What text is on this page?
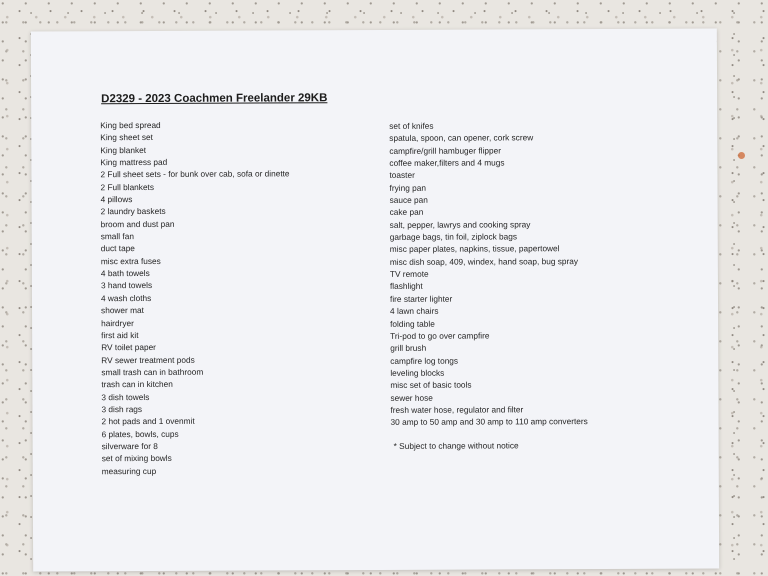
D2329 - 2023 Coachmen Freelander 29KB
King bed spread
King sheet set
King blanket
King mattress pad
2 Full sheet sets - for bunk over cab, sofa or dinette
2 Full blankets
4 pillows
2 laundry baskets
broom and dust pan
small fan
duct tape
misc extra fuses
4 bath towels
3 hand towels
4 wash cloths
shower mat
hairdryer
first aid kit
RV toilet paper
RV sewer treatment pods
small trash can in bathroom
trash can in kitchen
3 dish towels
3 dish rags
2 hot pads and 1 ovenmit
6 plates, bowls, cups
silverware for 8
set of mixing bowls
measuring cup
set of knifes
spatula, spoon, can opener, cork screw
campfire/grill hambuger flipper
coffee maker,filters and 4 mugs
toaster
frying pan
sauce pan
cake pan
salt, pepper, lawrys and cooking spray
garbage bags, tin foil, ziplock bags
misc paper plates, napkins, tissue, papertowel
misc dish soap, 409, windex, hand soap, bug spray
TV remote
flashlight
fire starter lighter
4 lawn chairs
folding table
Tri-pod to go over campfire
grill brush
campfire log tongs
leveling blocks
misc set of basic tools
sewer hose
fresh water hose, regulator and filter
30 amp to 50 amp and 30 amp to 110 amp converters
* Subject to change without notice
